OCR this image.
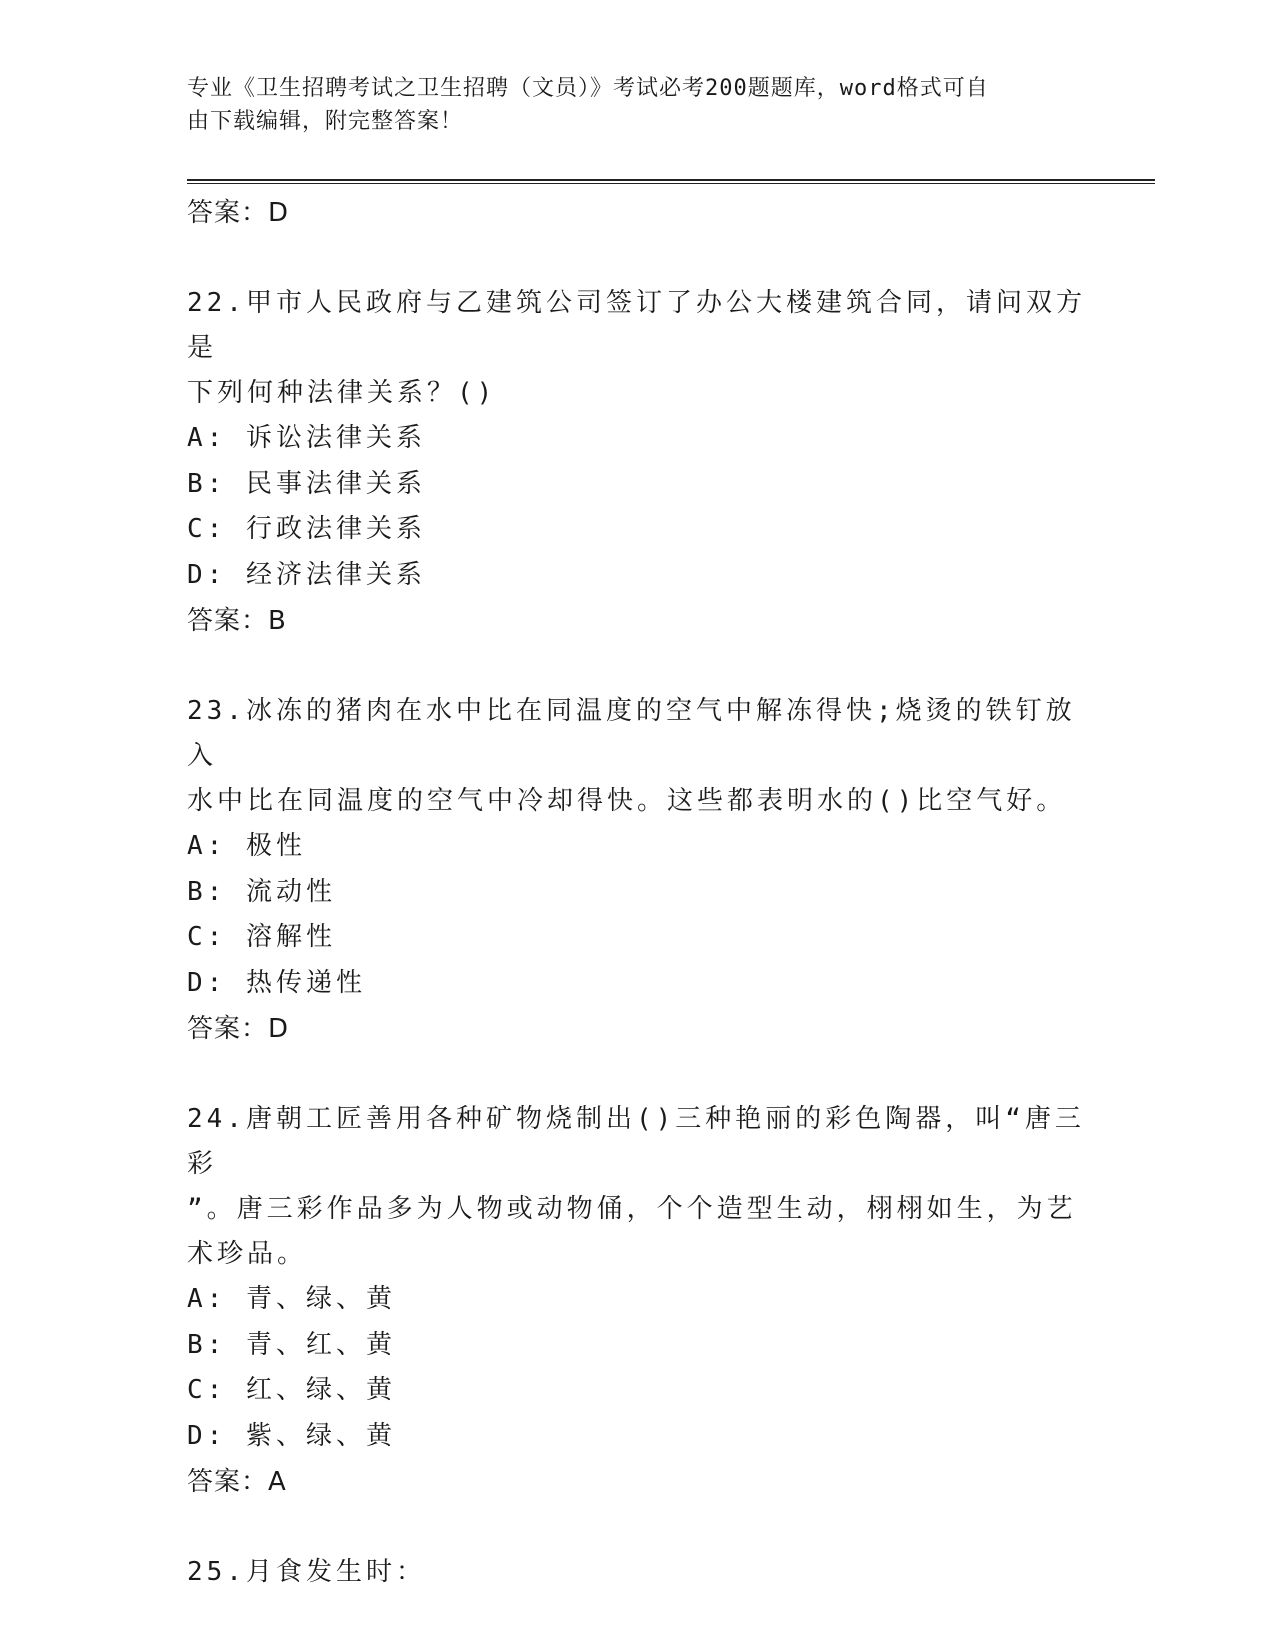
专业《卫生招聘考试之卫生招聘（文员）》考试必考200题题库，word格式可自
由下载编辑，附完整答案！
答案：D
22.甲市人民政府与乙建筑公司签订了办公大楼建筑合同，请问双方是
下列何种法律关系？()
A: 诉讼法律关系
B: 民事法律关系
C: 行政法律关系
D: 经济法律关系
答案：B
23.冰冻的猪肉在水中比在同温度的空气中解冻得快;烧烫的铁钉放入
水中比在同温度的空气中冷却得快。这些都表明水的()比空气好。
A: 极性
B: 流动性
C: 溶解性
D: 热传递性
答案：D
24.唐朝工匠善用各种矿物烧制出()三种艳丽的彩色陶器，叫“唐三彩
”。唐三彩作品多为人物或动物俑，个个造型生动，栩栩如生，为艺
术珍品。
A: 青、绿、黄
B: 青、红、黄
C: 红、绿、黄
D: 紫、绿、黄
答案：A
25.月食发生时：
